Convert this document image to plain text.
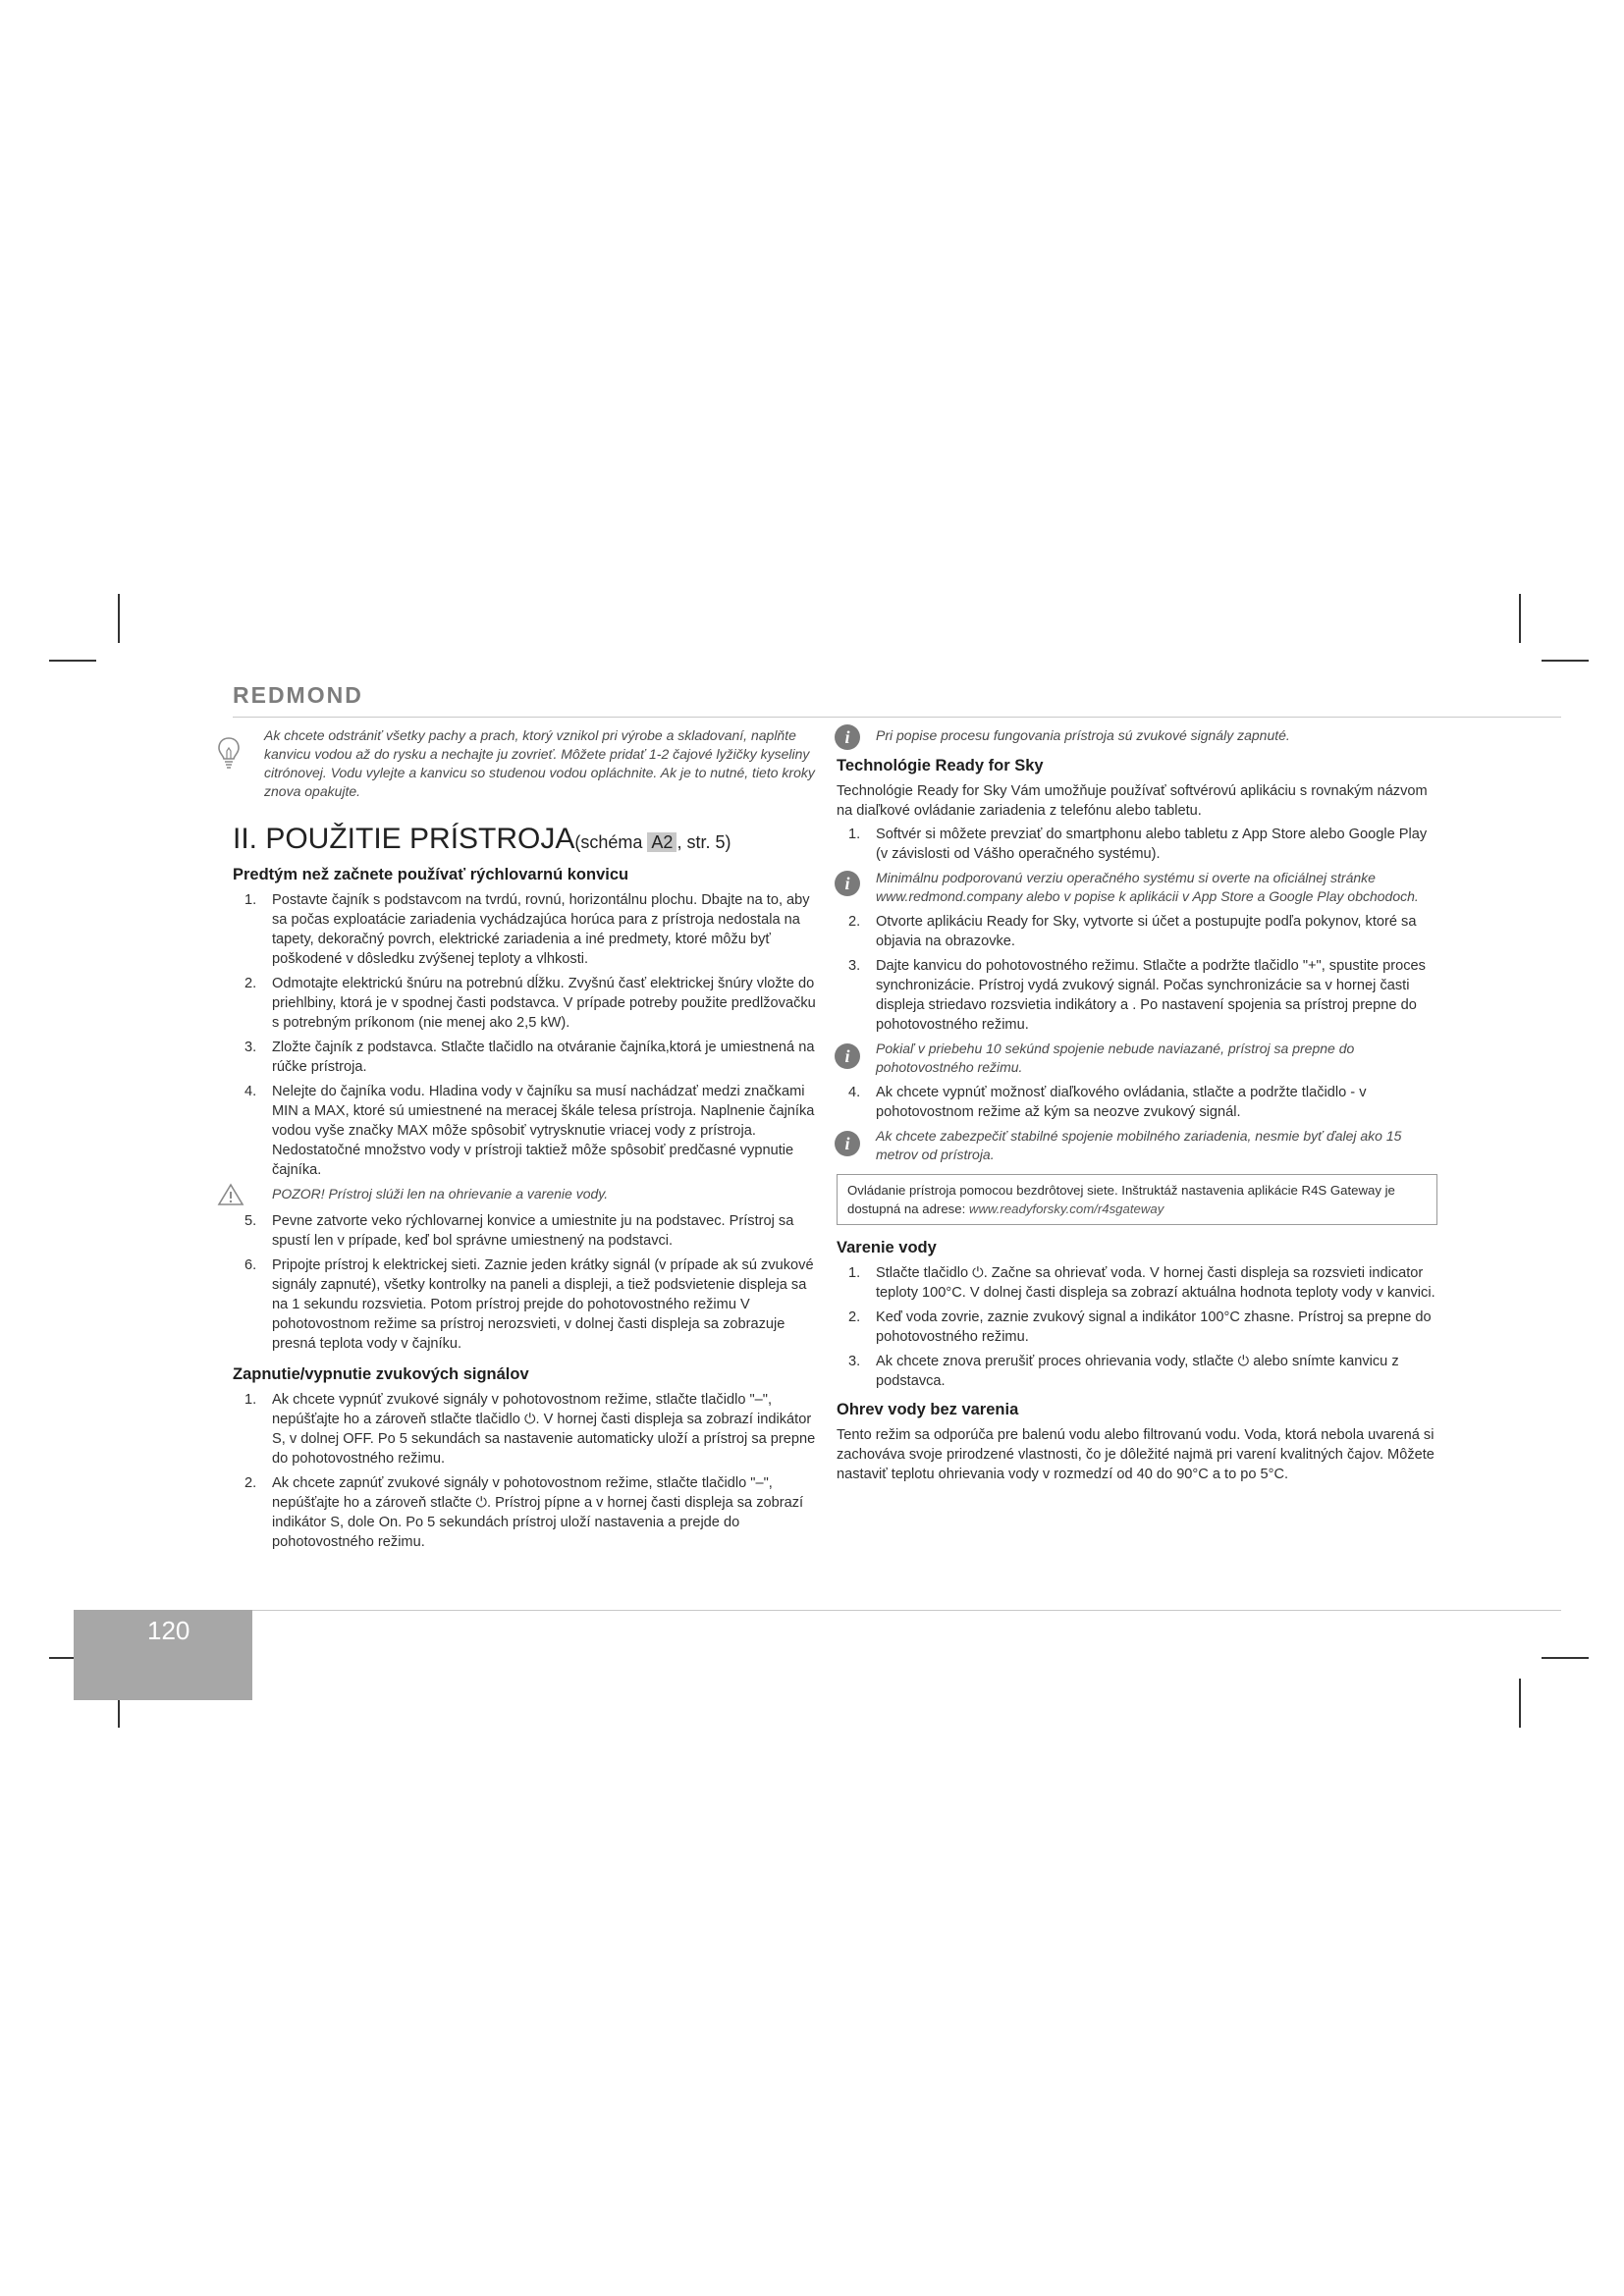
REDMOND
Ak chcete odstrániť všetky pachy a prach, ktorý vznikol pri výrobe a skladovaní, naplňte kanvicu vodou až do rysku a nechajte ju zovrieť. Môžete pridať 1-2 čajové lyžičky kyseliny citrónovej. Vodu vylejte a kanvicu so studenou vodou opláchnite. Ak je to nutné, tieto kroky znova opakujte.
II. POUŽITIE PRÍSTROJA(schéma A2 , str. 5)
Predtým než začnete používať rýchlovarnú konvicu
1. Postavte čajník s podstavcom na tvrdú, rovnú, horizontálnu plochu. Dbajte na to, aby sa počas exploatácie zariadenia vychádzajúca horúca para z prístroja nedostala na tapety, dekoračný povrch, elektrické zariadenia a iné predmety, ktoré môžu byť poškodené v dôsledku zvýšenej teploty a vlhkosti.
2. Odmotajte elektrickú šnúru na potrebnú dĺžku. Zvyšnú časť elektrickej šnúry vložte do priehlbiny, ktorá je v spodnej časti podstavca. V prípade potreby použite predlžovačku s potrebným príkonom (nie menej ako 2,5 kW).
3. Zložte čajník z podstavca. Stlačte tlačidlo na otváranie čajníka,ktorá je umiestnená na rúčke prístroja.
4. Nelejte do čajníka vodu. Hladina vody v čajníku sa musí nachádzať medzi značkami MIN a MAX, ktoré sú umiestnené na meracej škále telesa prístroja. Naplnenie čajníka vodou vyše značky MAX môže spôsobiť vytrysknutie vriacej vody z prístroja. Nedostatočné množstvo vody v prístroji taktiež môže spôsobiť predčasné vypnutie čajníka.
POZOR! Prístroj slúži len na ohrievanie a varenie vody.
5. Pevne zatvorte veko rýchlovarnej konvice a umiestnite ju na podstavec. Prístroj sa spustí len v prípade, keď bol správne umiestnený na podstavci.
6. Pripojte prístroj k elektrickej sieti. Zaznie jeden krátky signál (v prípade ak sú zvukové signály zapnuté), všetky kontrolky na paneli a displeji, a tiež podsvietenie displeja sa na 1 sekundu rozsvietia. Potom prístroj prejde do pohotovostného režimu V pohotovostnom režime sa prístroj nerozsvieti, v dolnej časti displeja sa zobrazuje presná teplota vody v čajníku.
Zapnutie/vypnutie zvukových signálov
1. Ak chcete vypnúť zvukové signály v pohotovostnom režime, stlačte tlačidlo "–", nepúšťajte ho a zároveň stlačte tlačidlo ⏻. V hornej časti displeja sa zobrazí indikátor S, v dolnej OFF. Po 5 sekundách sa nastavenie automaticky uloží a prístroj sa prepne do pohotovostného režimu.
2. Ak chcete zapnúť zvukové signály v pohotovostnom režime, stlačte tlačidlo "–", nepúšťajte ho a zároveň stlačte ⏻. Prístroj pípne a v hornej časti displeja sa zobrazí indikátor S, dole On. Po 5 sekundách prístroj uloží nastavenia a prejde do pohotovostného režimu.
i	Pri popise procesu fungovania prístroja sú zvukové signály zapnuté.
Technológie Ready for Sky
Technológie Ready for Sky Vám umožňuje používať softvérovú aplikáciu s rovnakým názvom na diaľkové ovládanie zariadenia z telefónu alebo tabletu.
1. Softvér si môžete prevziať do smartphonu alebo tabletu z App Store alebo Google Play (v závislosti od Vášho operačného systému).
i	Minimálnu podporovanú verziu operačného systému si overte na oficiálnej stránke www.redmond.company alebo v popise k aplikácii v App Store a Google Play obchodoch.
2. Otvorte aplikáciu Ready for Sky, vytvorte si účet a postupujte podľa pokynov, ktoré sa objavia na obrazovke.
3. Dajte kanvicu do pohotovostného režimu. Stlačte a podržte tlačidlo "+", spustite proces synchronizácie. Prístroj vydá zvukový signál. Počas synchronizácie sa v hornej časti displeja striedavo rozsvietia indikátory a . Po nastavení spojenia sa prístroj prepne do pohotovostného režimu.
i	Pokiaľ v priebehu 10 sekúnd spojenie nebude naviazané, prístroj sa prepne do pohotovostného režimu.
4. Ak chcete vypnúť možnosť diaľkového ovládania, stlačte a podržte tlačidlo - v pohotovostnom režime až kým sa neozve zvukový signál.
i	Ak chcete zabezpečiť stabilné spojenie mobilného zariadenia, nesmie byť ďalej ako 15 metrov od prístroja.
Ovládanie prístroja pomocou bezdrôtovej siete. Inštruktáž nastavenia aplikácie R4S Gateway je dostupná na adrese: www.readyforsky.com/r4sgateway
Varenie vody
1. Stlačte tlačidlo ⏻. Začne sa ohrievať voda. V hornej časti displeja sa rozsvieti indicator teploty 100°C. V dolnej časti displeja sa zobrazí aktuálna hodnota teploty vody v kanvici.
2. Keď voda zovrie, zaznie zvukový signal a indikátor 100°C zhasne. Prístroj sa prepne do pohotovostného režimu.
3. Ak chcete znova prerušiť proces ohrievania vody, stlačte ⏻ alebo snímte kanvicu z podstavca.
Ohrev vody bez varenia
Tento režim sa odporúča pre balenú vodu alebo filtrovanú vodu. Voda, ktorá nebola uvarená si zachováva svoje prirodzené vlastnosti, čo je dôležité najmä pri varení kvalitných čajov. Môžete nastaviť teplotu ohrievania vody v rozmedzí od 40 do 90°C a to po 5°C.
120
